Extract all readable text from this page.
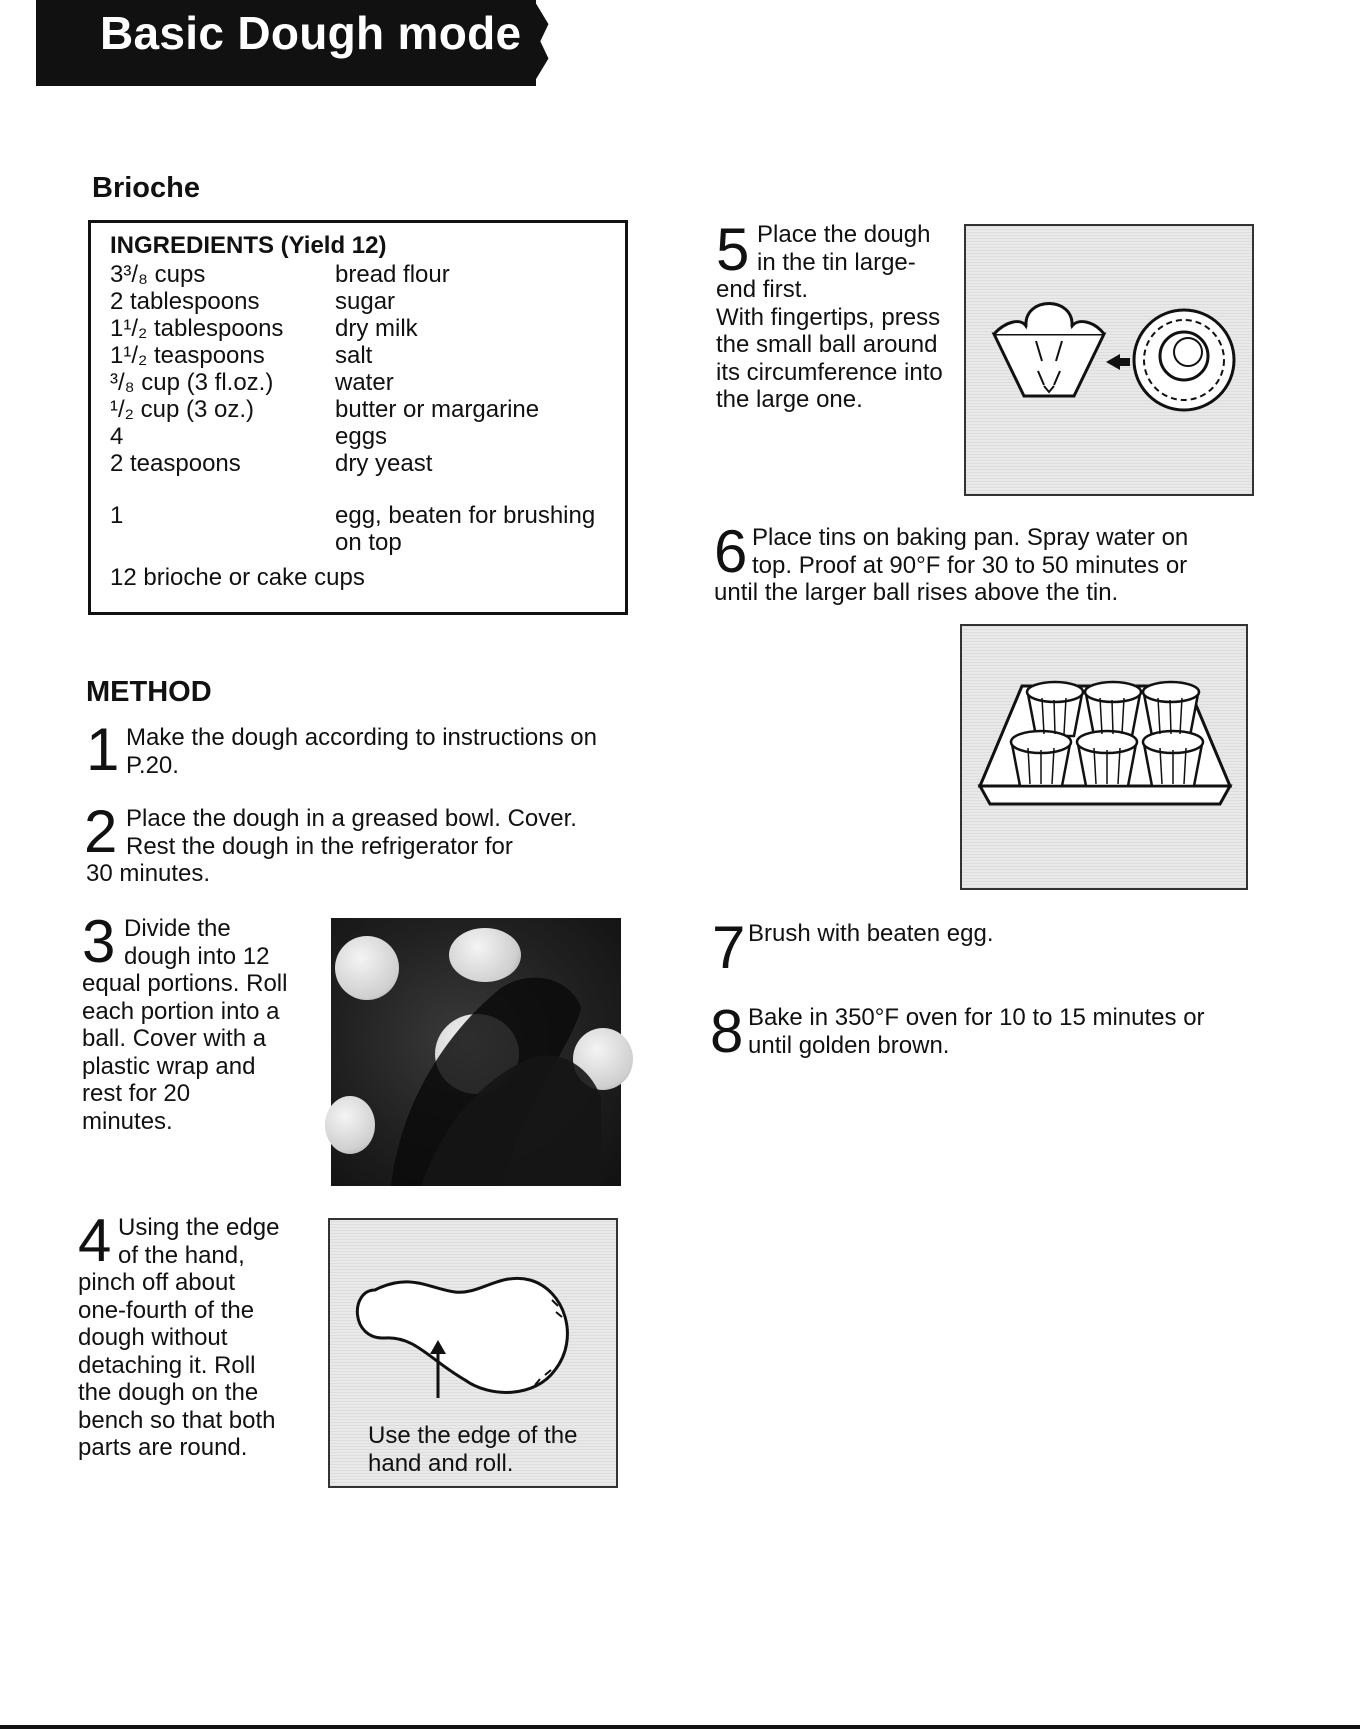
Basic Dough mode
Brioche
INGREDIENTS (Yield 12)
3³/₈ cups	bread flour
2 tablespoons	sugar
1¹/₂ tablespoons dry milk
1¹/₂ teaspoons	salt
³/₈ cup (3 fl.oz.)	water
¹/₂ cup (3 oz.)	butter or margarine
4	eggs
2 teaspoons	dry yeast
1	egg, beaten for brushing
on top
12 brioche or cake cups
METHOD
1 Make the dough according to instructions on
P.20.
2 Place the dough in a greased bowl. Cover.
Rest the dough in the refrigerator for
30 minutes.
3 Divide the
dough into 12
equal portions. Roll
each portion into a
ball. Cover with a
plastic wrap and
rest for 20
minutes.
4 Using the edge
of the hand,
pinch off about
one-fourth of the
dough without
detaching it. Roll
the dough on the
bench so that both
parts are round.	Use the edge of the
hand and roll.
5 Place the dough
in the tin large-
end first.
With fingertips, press
the small ball around
its circumference into
the large one.
6 Place tins on baking pan. Spray water on
top. Proof at 90°F for 30 to 50 minutes or
until the larger ball rises above the tin.
7 Brush with beaten egg.
8 Bake in 350°F oven for 10 to 15 minutes or
until golden brown.
